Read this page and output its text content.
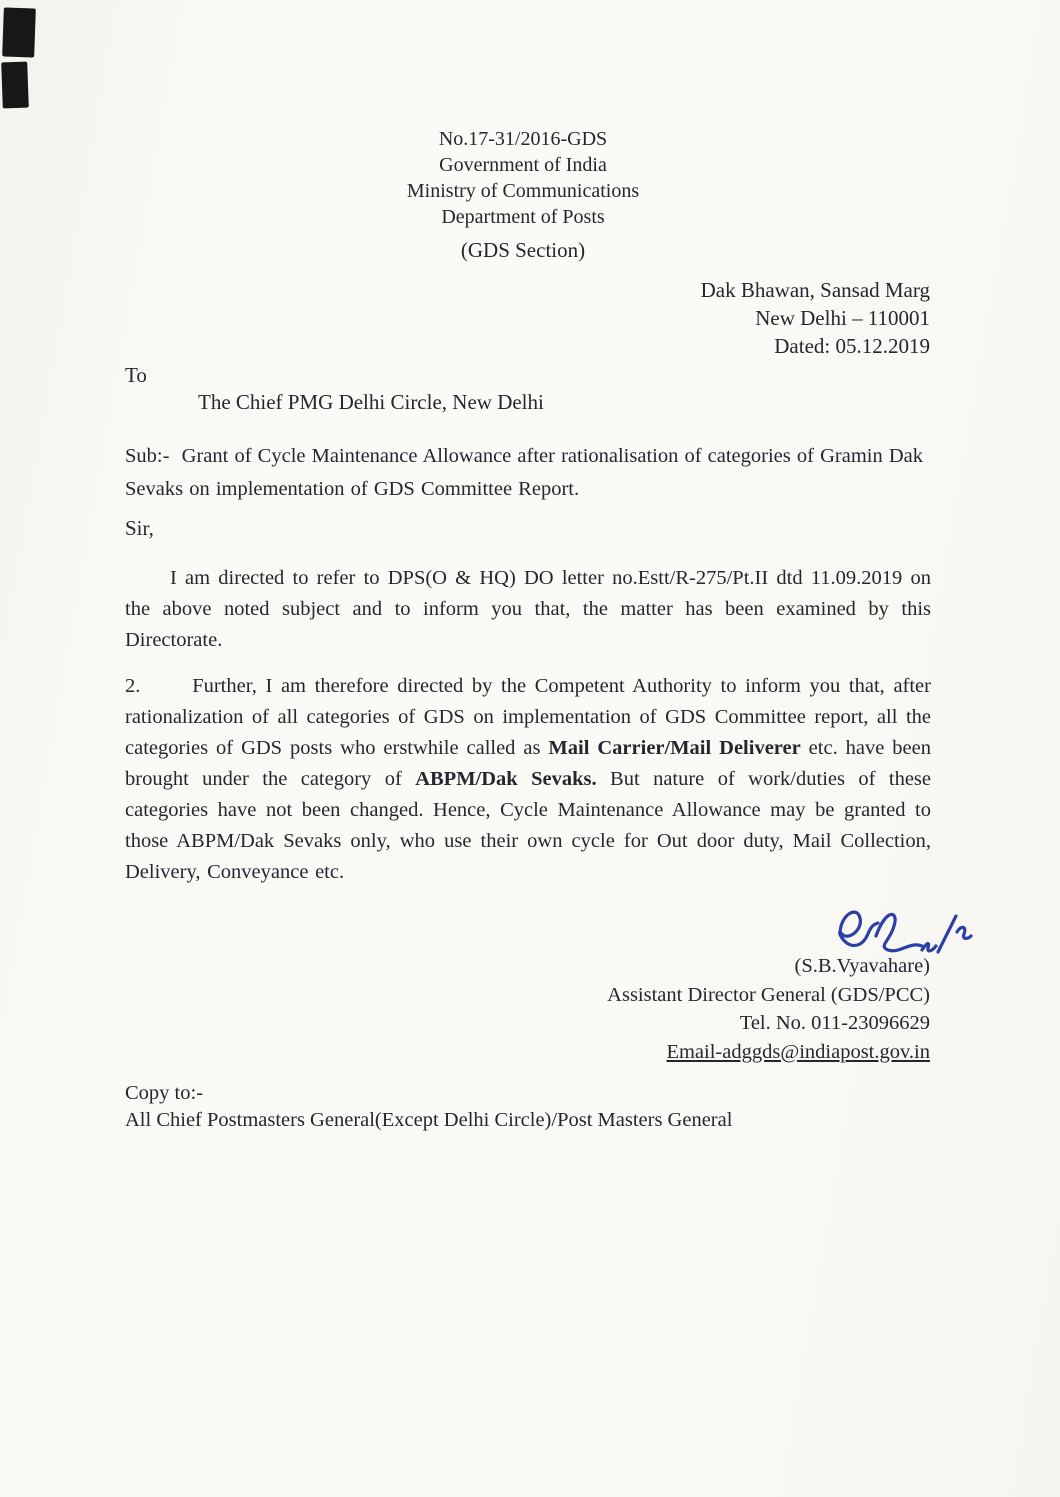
No.17-31/2016-GDS
Government of India
Ministry of Communications
Department of Posts
(GDS Section)
Dak Bhawan, Sansad Marg
New Delhi – 110001
Dated: 05.12.2019
To
The Chief PMG Delhi Circle, New Delhi
Sub:-  Grant of Cycle Maintenance Allowance after rationalisation of categories of Gramin Dak Sevaks on implementation of GDS Committee Report.
Sir,
I am directed to refer to DPS(O & HQ) DO letter no.Estt/R-275/Pt.II dtd 11.09.2019 on the above noted subject and to inform you that, the matter has been examined by this Directorate.
2.      Further, I am therefore directed by the Competent Authority to inform you that, after rationalization of all categories of GDS on implementation of GDS Committee report, all the categories of GDS posts who erstwhile called as Mail Carrier/Mail Deliverer etc. have been brought under the category of ABPM/Dak Sevaks. But nature of work/duties of these categories have not been changed. Hence, Cycle Maintenance Allowance may be granted to those ABPM/Dak Sevaks only, who use their own cycle for Out door duty, Mail Collection, Delivery, Conveyance etc.
(S.B.Vyavahare)
Assistant Director General (GDS/PCC)
Tel. No. 011-23096629
Email-adggds@indiapost.gov.in
Copy to:-
All Chief Postmasters General(Except Delhi Circle)/Post Masters General
